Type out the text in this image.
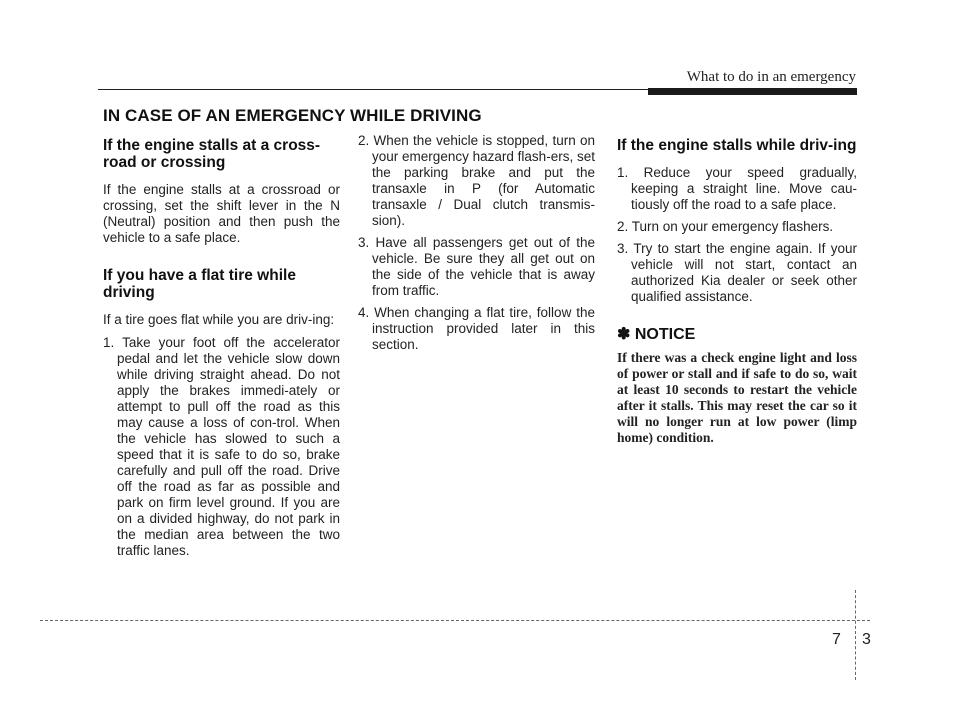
What to do in an emergency
IN CASE OF AN EMERGENCY WHILE DRIVING
If the engine stalls at a cross-road or crossing

If the engine stalls at a crossroad or crossing, set the shift lever in the N (Neutral) position and then push the vehicle to a safe place.

If you have a flat tire while driving

If a tire goes flat while you are driv-ing:

1. Take your foot off the accelerator pedal and let the vehicle slow down while driving straight ahead. Do not apply the brakes immedi-ately or attempt to pull off the road as this may cause a loss of con-trol. When the vehicle has slowed to such a speed that it is safe to do so, brake carefully and pull off the road. Drive off the road as far as possible and park on firm level ground. If you are on a divided highway, do not park in the median area between the two traffic lanes.
2. When the vehicle is stopped, turn on your emergency hazard flash-ers, set the parking brake and put the transaxle in P (for Automatic transaxle / Dual clutch transmis-sion).
3. Have all passengers get out of the vehicle. Be sure they all get out on the side of the vehicle that is away from traffic.
4. When changing a flat tire, follow the instruction provided later in this section.
If the engine stalls while driv-ing
1. Reduce your speed gradually, keeping a straight line. Move cau-tiously off the road to a safe place.
2. Turn on your emergency flashers.
3. Try to start the engine again. If your vehicle will not start, contact an authorized Kia dealer or seek other qualified assistance.
✽ NOTICE
If there was a check engine light and loss of power or stall and if safe to do so, wait at least 10 seconds to restart the vehicle after it stalls. This may reset the car so it will no longer run at low power (limp home) condition.
7 3
